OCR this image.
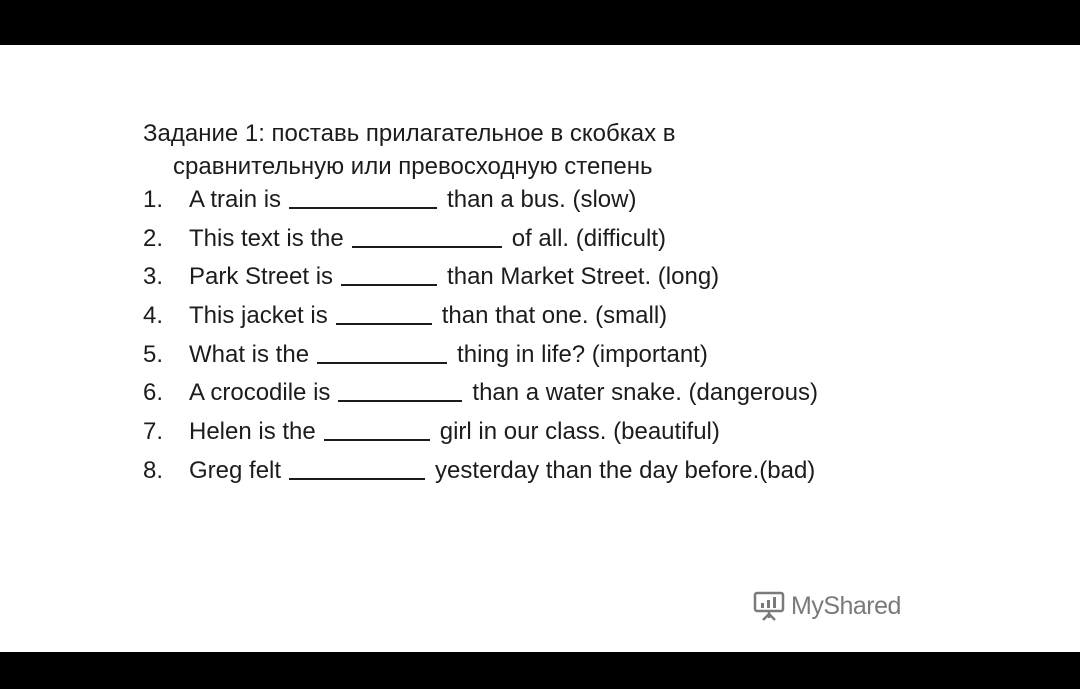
Задание 1: поставь прилагательное в скобках в
сравнительную или превосходную степень
1.	A train is	than a bus. (slow)
2.	This text is the	of all. (difficult)
3.	Park Street is	than Market Street. (long)
4.	This jacket is	than that one. (small)
5.	What is the	thing in life? (important)
6.	A crocodile is	than a water snake. (dangerous)
7.	Helen is the	girl in our class. (beautiful)
8.	Greg felt	yesterday than the day before.(bad)
MyShared
